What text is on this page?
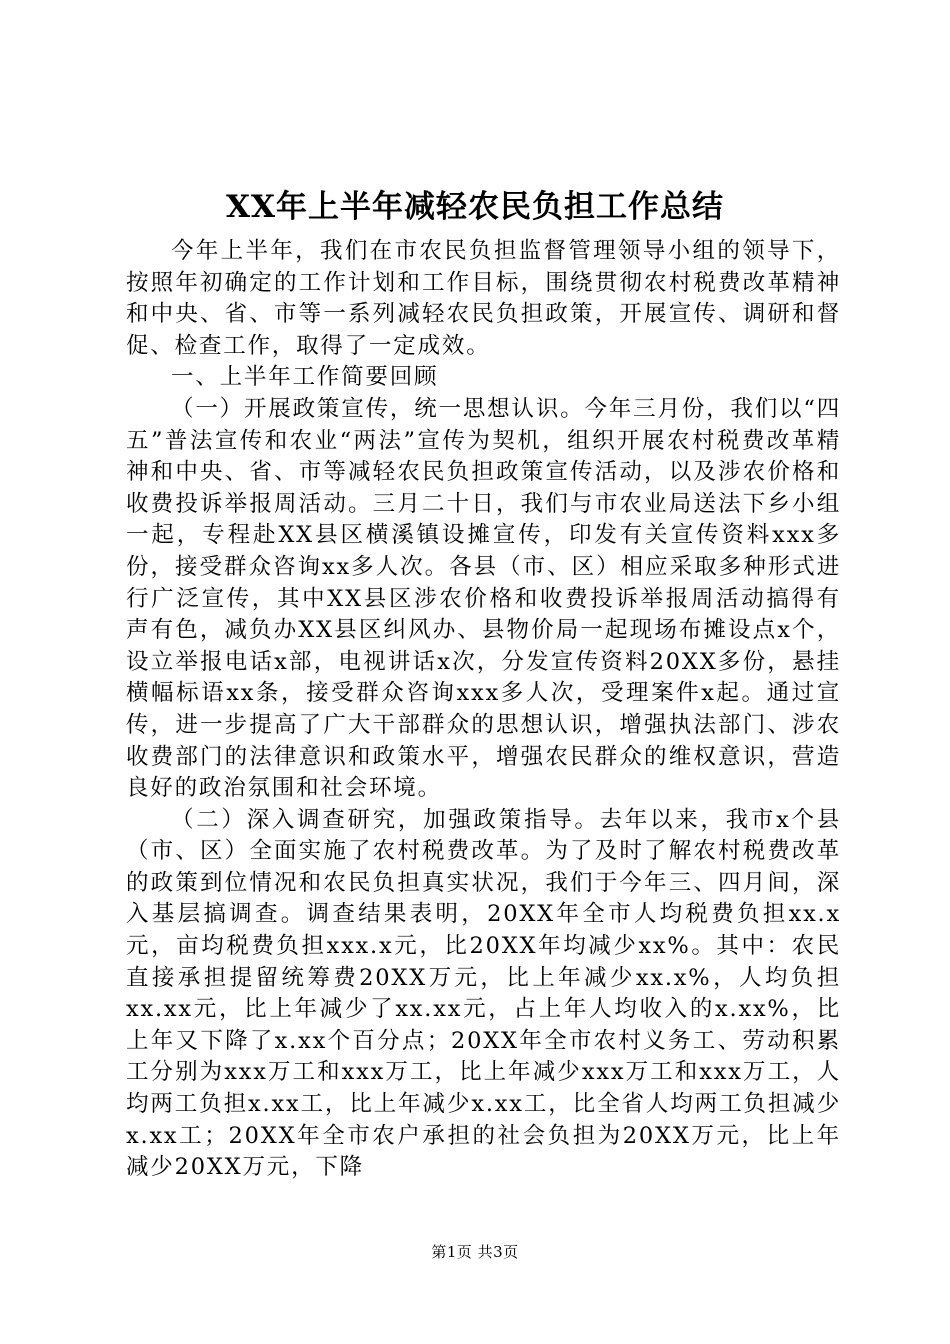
XX年上半年减轻农民负担工作总结

今年上半年，我们在市农民负担监督管理领导小组的领导下，按照年初确定的工作计划和工作目标，围绕贯彻农村税费改革精神和中央、省、市等一系列减轻农民负担政策，开展宣传、调研和督促、检查工作，取得了一定成效。

一、上半年工作简要回顾

（一）开展政策宣传，统一思想认识。今年三月份，我们以“四五”普法宣传和农业“两法”宣传为契机，组织开展农村税费改革精神和中央、省、市等减轻农民负担政策宣传活动，以及涉农价格和收费投诉举报周活动。三月二十日，我们与市农业局送法下乡小组一起，专程赴XX县区横溪镇设摊宣传，印发有关宣传资料xxx多份，接受群众咨询xx多人次。各县（市、区）相应采取多种形式进行广泛宣传，其中XX县区涉农价格和收费投诉举报周活动搞得有声有色，减负办XX县区纠风办、县物价局一起现场布摊设点x个，设立举报电话x部，电视讲话x次，分发宣传资料20XX多份，悬挂横幅标语xx条，接受群众咨询xxx多人次，受理案件x起。通过宣传，进一步提高了广大干部群众的思想认识，增强执法部门、涉农收费部门的法律意识和政策水平，增强农民群众的维权意识，营造良好的政治氛围和社会环境。

（二）深入调查研究，加强政策指导。去年以来，我市x个县（市、区）全面实施了农村税费改革。为了及时了解农村税费改革的政策到位情况和农民负担真实状况，我们于今年三、四月间，深入基层搞调查。调查结果表明，20XX年全市人均税费负担xx.x元，亩均税费负担xxx.x元，比20XX年均减少xx%。其中：农民直接承担提留统筹费20XX万元，比上年减少xx.x%，人均负担xx.xx元，比上年减少了xx.xx元，占上年人均收入的x.xx%，比上年又下降了x.xx个百分点；20XX年全市农村义务工、劳动积累工分别为xxx万工和xxx万工，比上年减少xxx万工和xxx万工，人均两工负担x.xx工，比上年减少x.xx工，比全省人均两工负担减少x.xx工；20XX年全市农户承担的社会负担为20XX万元，比上年减少20XX万元，下降

第1页 共3页
